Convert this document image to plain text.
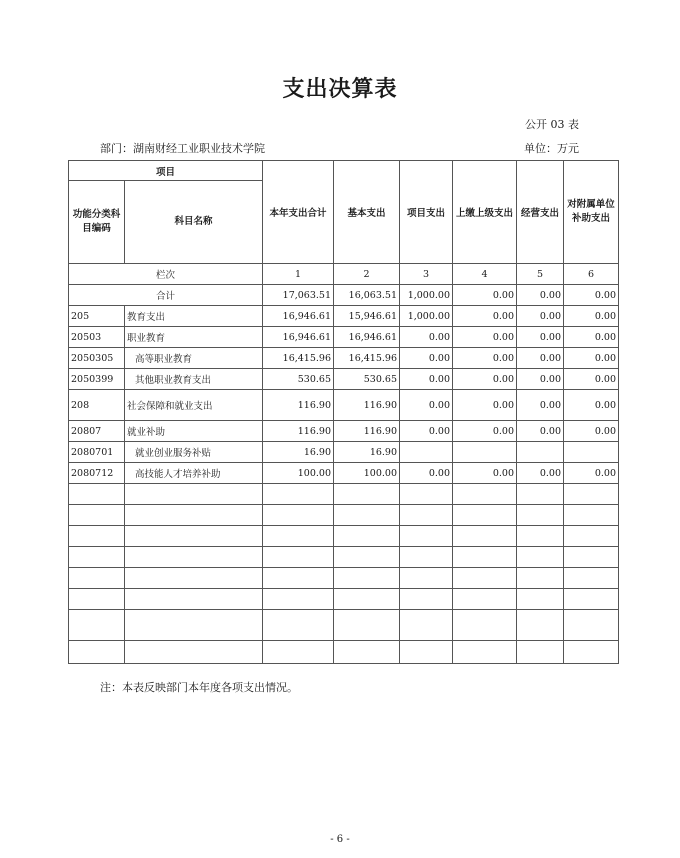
支出决算表
公开 03 表
部门：湖南财经工业职业技术学院	单位：万元
项目		本年支出合计	基本支出	项目支出	上缴上级支出	经营支出	对附属单位补助支出
功能分类科目编码	科目名称						
栏次		1	2	3	4	5	6
合计		17,063.51	16,063.51	1,000.00	0.00	0.00	0.00
205	教育支出	16,946.61	15,946.61	1,000.00	0.00	0.00	0.00
20503	职业教育	16,946.61	16,946.61	0.00	0.00	0.00	0.00
2050305	高等职业教育	16,415.96	16,415.96	0.00	0.00	0.00	0.00
2050399	其他职业教育支出	530.65	530.65	0.00	0.00	0.00	0.00
208	社会保障和就业支出	116.90	116.90	0.00	0.00	0.00	0.00
20807	就业补助	116.90	116.90	0.00	0.00	0.00	0.00
2080701	就业创业服务补贴	16.90	16.90				
2080712	高技能人才培养补助	100.00	100.00	0.00	0.00	0.00	0.00

注：本表反映部门本年度各项支出情况。
- 6 -
